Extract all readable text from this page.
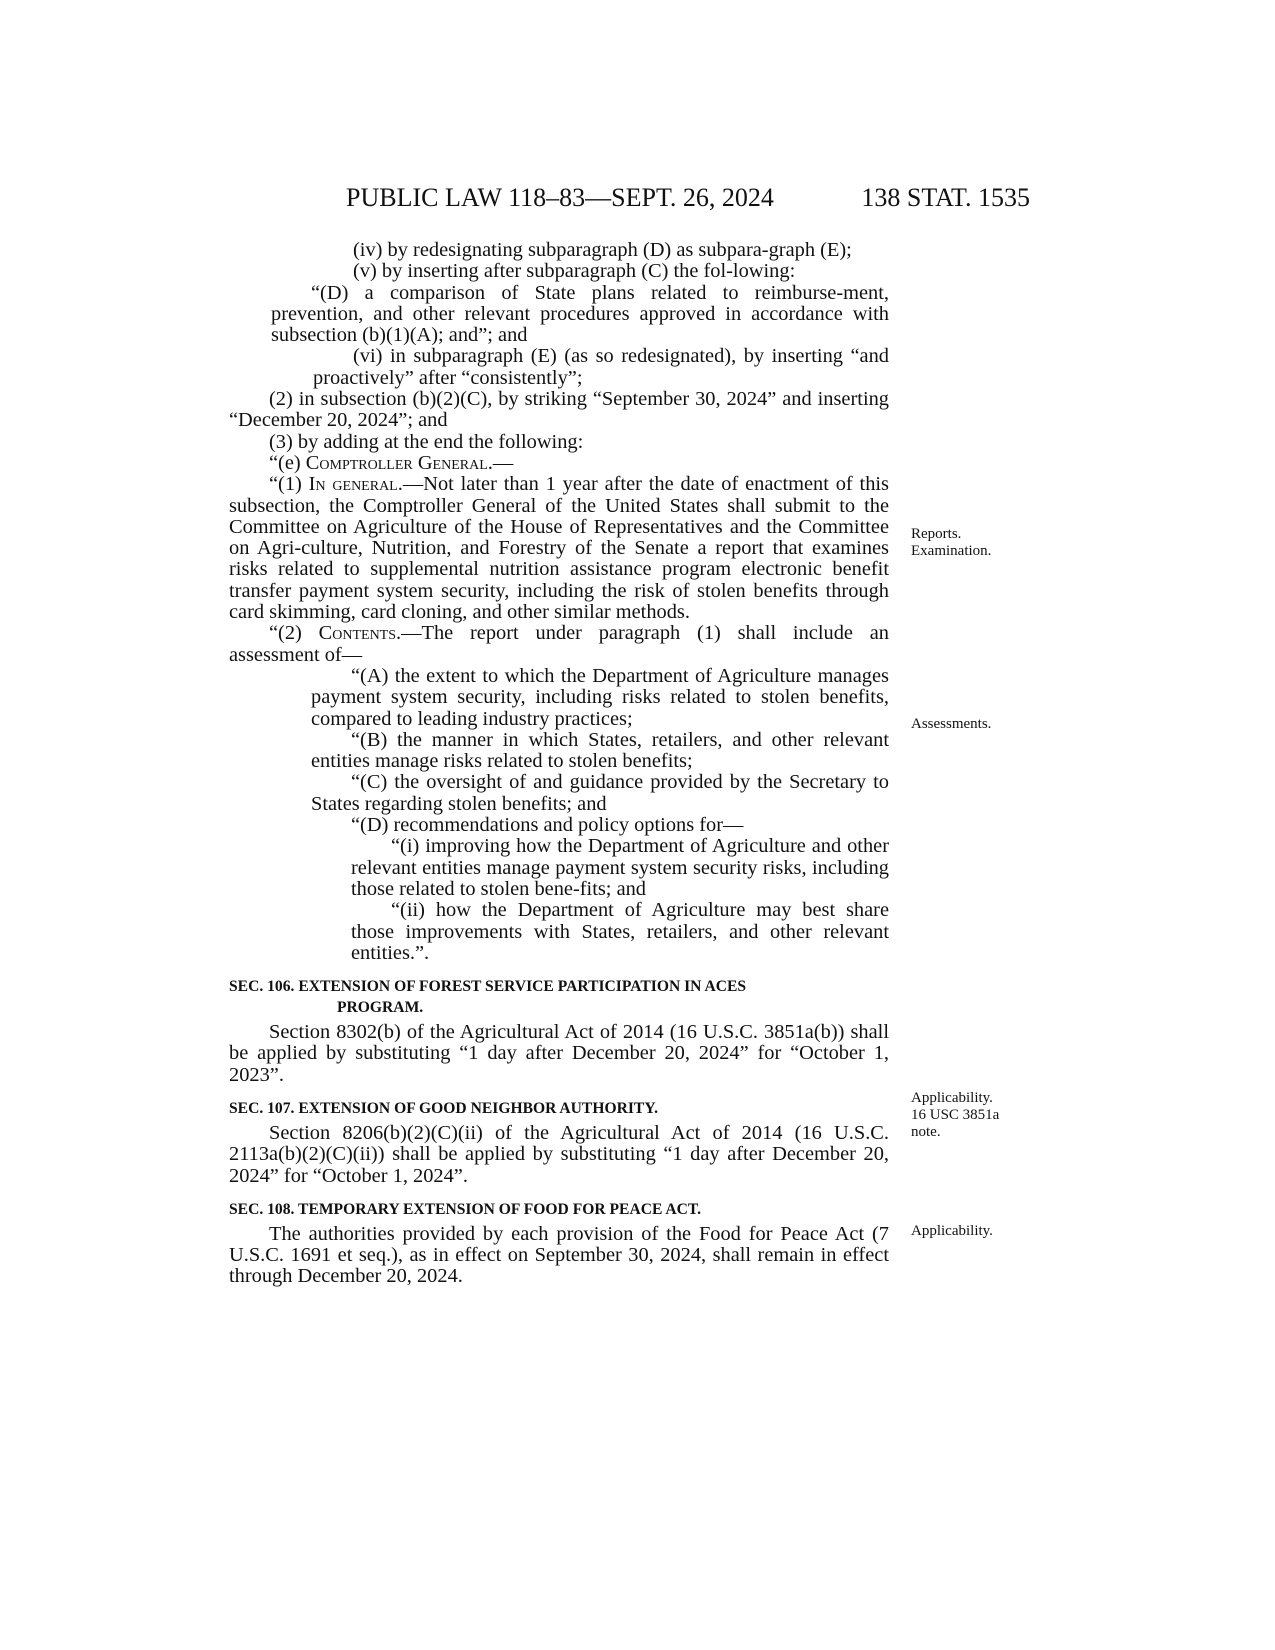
PUBLIC LAW 118–83—SEPT. 26, 2024	138 STAT. 1535

(iv) by redesignating subparagraph (D) as subpara-graph (E);

(v) by inserting after subparagraph (C) the fol-lowing:

“(D) a comparison of State plans related to reimburse-ment, prevention, and other relevant procedures approved in accordance with subsection (b)(1)(A); and”; and

(vi) in subparagraph (E) (as so redesignated), by inserting “and proactively” after “consistently”;

(2) in subsection (b)(2)(C), by striking “September 30, 2024” and inserting “December 20, 2024”; and

(3) by adding at the end the following:

“(e) Comptroller General.—

“(1) In general.—Not later than 1 year after the date of enactment of this subsection, the Comptroller General of the United States shall submit to the Committee on Agriculture of the House of Representatives and the Committee on Agri-culture, Nutrition, and Forestry of the Senate a report that examines risks related to supplemental nutrition assistance program electronic benefit transfer payment system security, including the risk of stolen benefits through card skimming, card cloning, and other similar methods.

“(2) Contents.—The report under paragraph (1) shall include an assessment of—

“(A) the extent to which the Department of Agriculture manages payment system security, including risks related to stolen benefits, compared to leading industry practices;

“(B) the manner in which States, retailers, and other relevant entities manage risks related to stolen benefits;

“(C) the oversight of and guidance provided by the Secretary to States regarding stolen benefits; and

“(D) recommendations and policy options for—

“(i) improving how the Department of Agriculture and other relevant entities manage payment system security risks, including those related to stolen bene-fits; and

“(ii) how the Department of Agriculture may best share those improvements with States, retailers, and other relevant entities.”.

SEC. 106. EXTENSION OF FOREST SERVICE PARTICIPATION IN ACES
PROGRAM.

Section 8302(b) of the Agricultural Act of 2014 (16 U.S.C. 3851a(b)) shall be applied by substituting “1 day after December 20, 2024” for “October 1, 2023”.

SEC. 107. EXTENSION OF GOOD NEIGHBOR AUTHORITY.

Section 8206(b)(2)(C)(ii) of the Agricultural Act of 2014 (16 U.S.C. 2113a(b)(2)(C)(ii)) shall be applied by substituting “1 day after December 20, 2024” for “October 1, 2024”.

SEC. 108. TEMPORARY EXTENSION OF FOOD FOR PEACE ACT.

The authorities provided by each provision of the Food for Peace Act (7 U.S.C. 1691 et seq.), as in effect on September 30, 2024, shall remain in effect through December 20, 2024.

Reports.
Examination.
Assessments.
Applicability.
16 USC 3851a
note.
Applicability.
